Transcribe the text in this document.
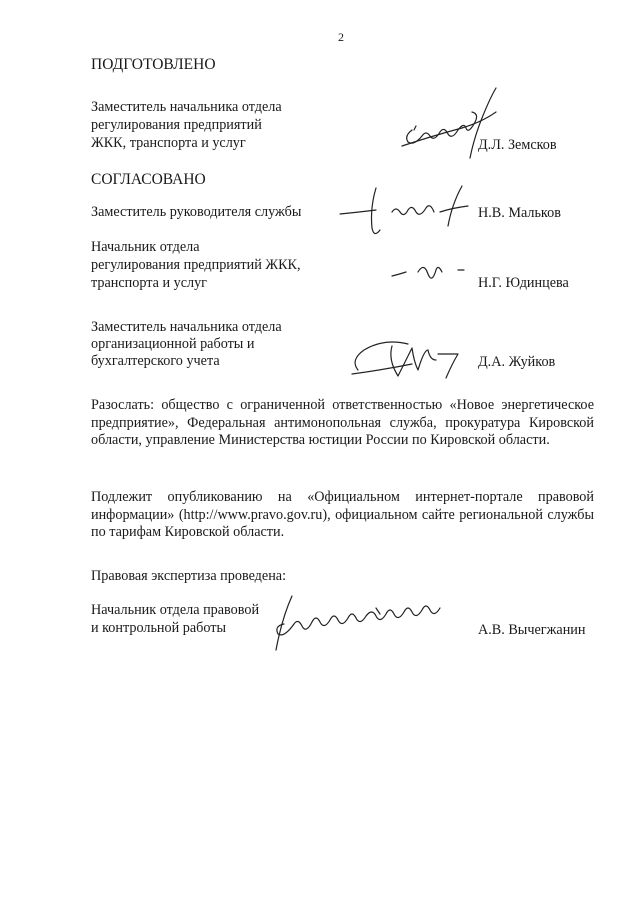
2
ПОДГОТОВЛЕНО
Заместитель начальника отдела
регулирования предприятий
ЖКК, транспорта и услуг	Д.Л. Земсков
СОГЛАСОВАНО
Заместитель руководителя службы	Н.В. Мальков
Начальник отдела
регулирования предприятий ЖКК,
транспорта и услуг	Н.Г. Юдинцева
Заместитель начальника отдела
организационной работы и
бухгалтерского учета	Д.А. Жуйков
Разослать: общество с ограниченной ответственностью «Новое энергетическое предприятие», Федеральная антимонопольная служба, прокуратура Кировской области, управление Министерства юстиции России по Кировской области.
Подлежит опубликованию на «Официальном интернет-портале правовой информации» (http://www.pravo.gov.ru), официальном сайте региональной службы по тарифам Кировской области.
Правовая экспертиза проведена:
Начальник отдела правовой
и контрольной работы	А.В. Вычегжанин
